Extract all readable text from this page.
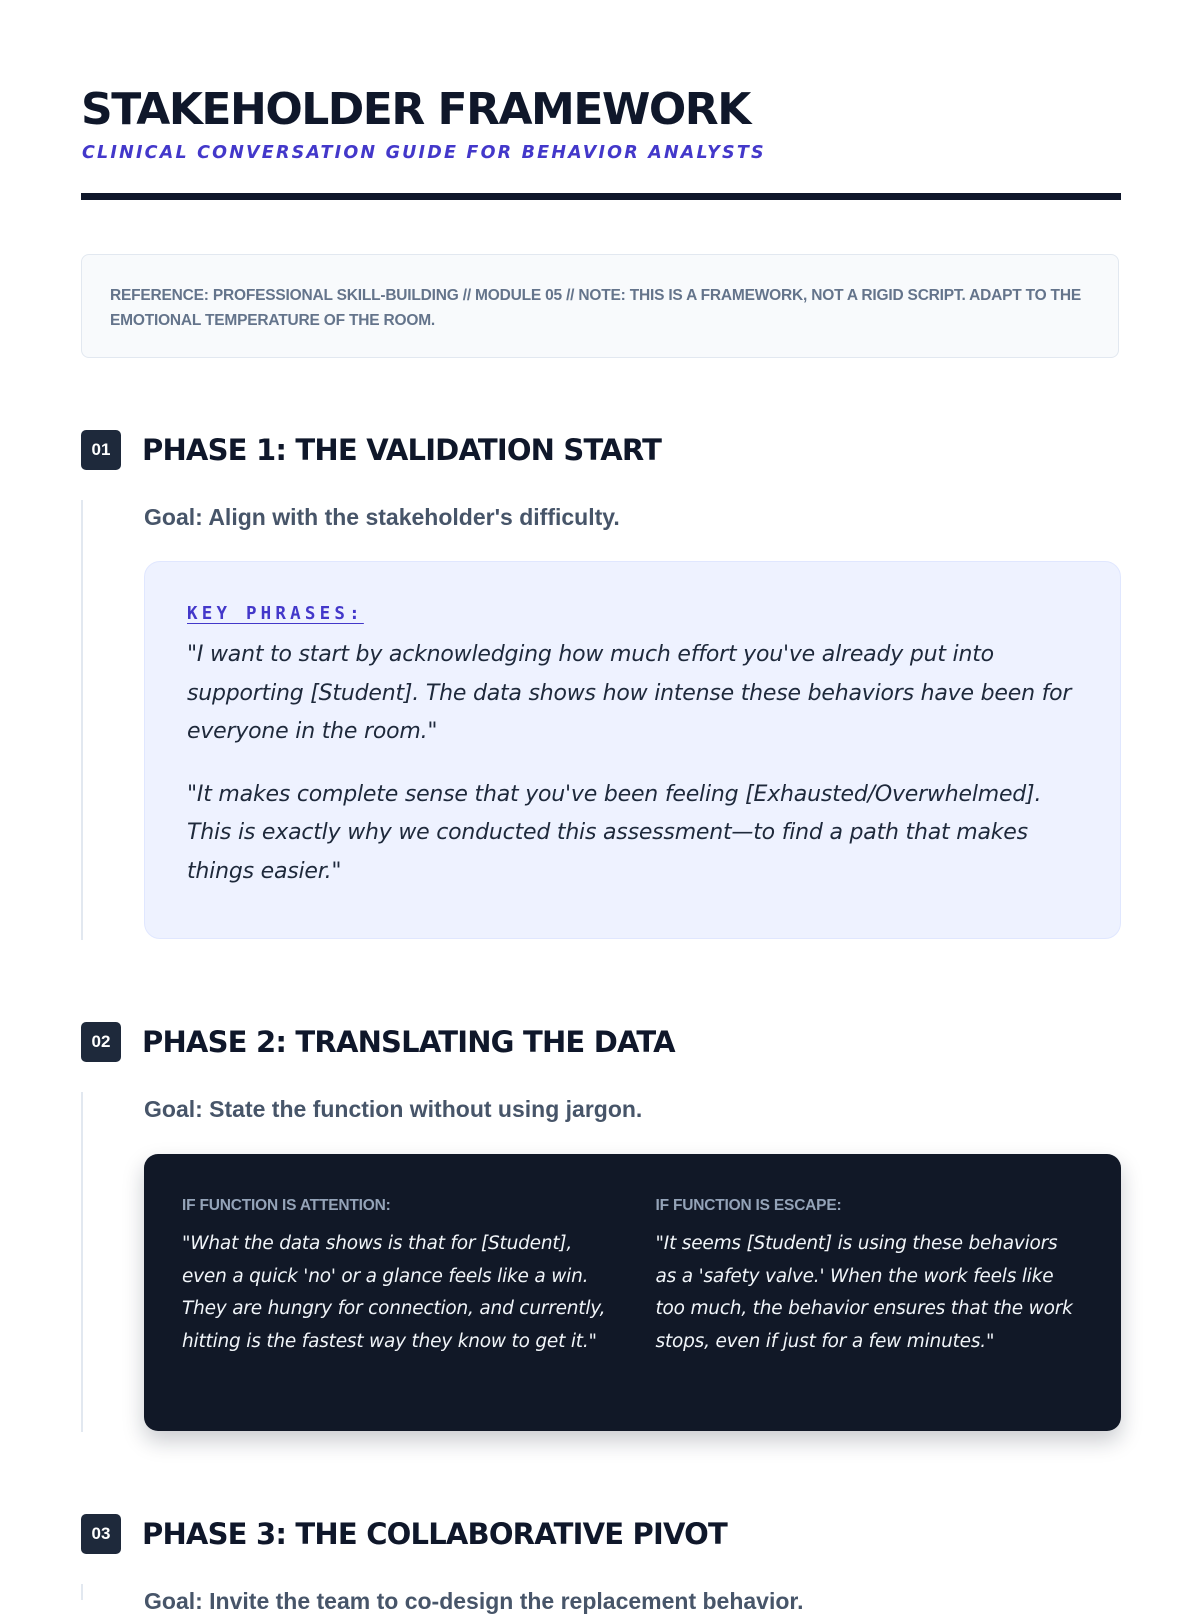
STAKEHOLDER FRAMEWORK
CLINICAL CONVERSATION GUIDE FOR BEHAVIOR ANALYSTS
REFERENCE: PROFESSIONAL SKILL-BUILDING // MODULE 05 // NOTE: THIS IS A FRAMEWORK, NOT A RIGID SCRIPT. ADAPT TO THE EMOTIONAL TEMPERATURE OF THE ROOM.
01	PHASE 1: THE VALIDATION START
Goal: Align with the stakeholder's difficulty.
KEY PHRASES:

"I want to start by acknowledging how much effort you've already put into supporting [Student]. The data shows how intense these behaviors have been for everyone in the room."

"It makes complete sense that you've been feeling [Exhausted/Overwhelmed]. This is exactly why we conducted this assessment—to find a path that makes things easier."

02	PHASE 2: TRANSLATING THE DATA
Goal: State the function without using jargon.
IF FUNCTION IS ATTENTION:
"What the data shows is that for [Student], even a quick 'no' or a glance feels like a win. They are hungry for connection, and currently, hitting is the fastest way they know to get it."
IF FUNCTION IS ESCAPE:
"It seems [Student] is using these behaviors as a 'safety valve.' When the work feels like too much, the behavior ensures that the work stops, even if just for a few minutes."
03	PHASE 3: THE COLLABORATIVE PIVOT
Goal: Invite the team to co-design the replacement behavior.
